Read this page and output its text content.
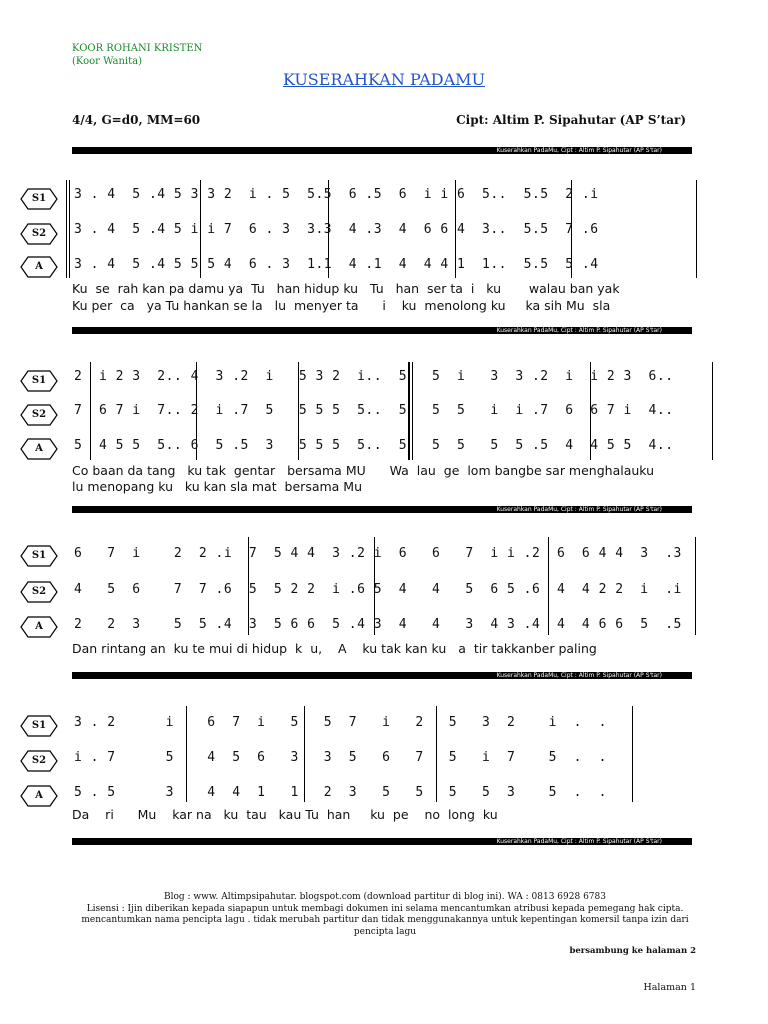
KOOR ROHANI KRISTEN
(Koor Wanita)
KUSERAHKAN PADAMU
4/4, G=d0, MM=60	Cipt: Altim P. Sipahutar (AP S’tar)
Kuserahkan PadaMu, Cipt : Altim P. Sipahutar (AP S'tar)
Kuserahkan PadaMu, Cipt : Altim P. Sipahutar (AP S'tar)
Kuserahkan PadaMu, Cipt : Altim P. Sipahutar (AP S'tar)
Kuserahkan PadaMu, Cipt : Altim P. Sipahutar (AP S'tar)
Kuserahkan PadaMu, Cipt : Altim P. Sipahutar (AP S'tar)
S1
S2
A
3 . 4  5 .4 5 3 3 2  i . 5  5.5  6 .5  6  i i 6  5..  5.5  2 .i
3 . 4  5 .4 5 i i 7  6 . 3  3.3  4 .3  4  6 6 4  3..  5.5  7 .6
3 . 4  5 .4 5 5 5 4  6 . 3  1.1  4 .1  4  4 4 1  1..  5.5  5 .4
Ku  se  rah kan pa damu ya  Tu   han hidup ku   Tu   han  ser ta  i   ku       walau ban yak
Ku per  ca   ya Tu hankan se la   lu  menyer ta      i    ku  menolong ku     ka sih Mu  sla
S1
S2
A
2  i 2 3  2.. 4  3 .2  i   5 3 2  i..  5   5  i   3  3 .2  i  i 2 3  6..
7  6 7 i  7.. 2  i .7  5   5 5 5  5..  5   5  5   i  i .7  6  6 7 i  4..
5  4 5 5  5.. 6  5 .5  3   5 5 5  5..  5   5  5   5  5 .5  4  4 5 5  4..
Co baan da tang   ku tak  gentar   bersama MU      Wa  lau  ge  lom bangbe sar menghalauku
lu menopang ku   ku kan sla mat  bersama Mu
S1
S2
A
6   7  i    2  2 .i  7  5 4 4  3 .2 i  6   6   7  i i .2  6  6 4 4  3  .3
4   5  6    7  7 .6  5  5 2 2  i .6 5  4   4   5  6 5 .6  4  4 2 2  i  .i
2   2  3    5  5 .4  3  5 6 6  5 .4 3  4   4   3  4 3 .4  4  4 6 6  5  .5
Dan rintang an  ku te mui di hidup  k  u,    A    ku tak kan ku   a  tir takkanber paling
S1
S2
A
3 . 2      i    6  7  i   5   5  7   i   2   5   3  2    i  .  .
i . 7      5    4  5  6   3   3  5   6   7   5   i  7    5  .  .
5 . 5      3    4  4  1   1   2  3   5   5   5   5  3    5  .  .
Da    ri      Mu    kar na   ku  tau   kau Tu  han     ku  pe    no  long  ku
Blog : www. Altimpsipahutar. blogspot.com (download partitur di blog ini). WA : 0813 6928 6783
Lisensi : Ijin diberikan kepada siapapun untuk membagi dokumen ini selama mencantumkan atribusi kepada pemegang hak cipta.
mencantumkan nama pencipta lagu . tidak merubah partitur dan tidak menggunakannya untuk kepentingan komersil tanpa izin dari
pencipta lagu
bersambung ke halaman 2
Halaman 1
